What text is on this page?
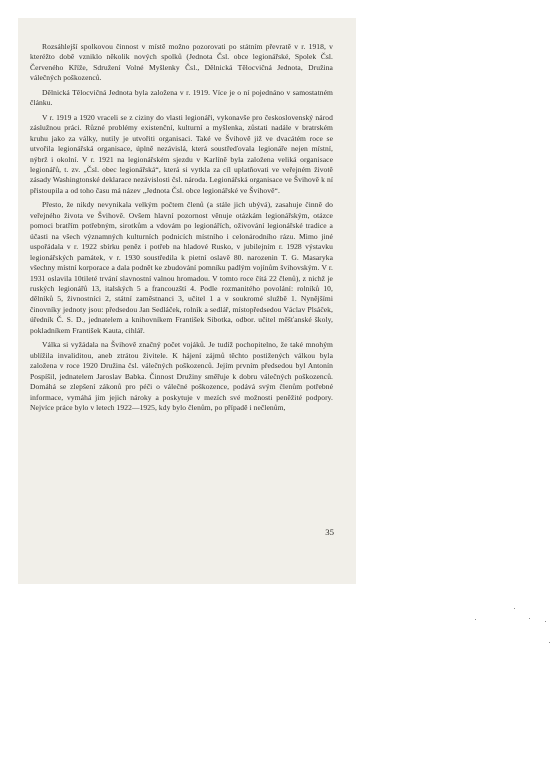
Rozsáhlejší spolkovou činnost v místě možno pozorovati po státním převratě v r. 1918, v kteréžto době vzniklo několik nových spolků (Jednota Čsl. obce legionářské, Spolek Čsl. Červeného Kříže, Sdružení Volné Myšlenky Čsl., Dělnická Tělocvičná Jednota, Družina válečných poškozenců.

Dělnická Tělocvičná Jednota byla založena v r. 1919. Více je o ní pojednáno v samostatném článku.

V r. 1919 a 1920 vraceli se z ciziny do vlasti legionáři, vykonavše pro československý národ záslužnou práci. Různé problémy existenční, kulturní a myšlenka, zůstati nadále v bratrském kruhu jako za války, nutily je utvořiti organisaci. Také ve Švihově již ve dvacátém roce se utvořila legionářská organisace, úplně nezávislá, která soustřeďovala legionáře nejen místní, nýbrž i okolní. V r. 1921 na legionářském sjezdu v Karlíně byla založena veliká organisace legionářů, t. zv. „Čsl. obec legionářská“, která si vytkla za cíl uplatňovati ve veřejném životě zásady Washingtonské deklarace nezávislosti čsl. národa. Legionářská organisace ve Švihově k ní přistoupila a od toho času má název „Jednota Čsl. obce legionářské ve Švihově“.

Přesto, že nikdy nevynikala velkým počtem členů (a stále jich ubývá), zasahuje činně do veřejného života ve Švihově. Ovšem hlavní pozornost věnuje otázkám legionářským, otázce pomoci bratřím potřebným, sirotkům a vdovám po legionářích, oživování legionářské tradice a účasti na všech významných kulturních podnicích místního i celonárodního rázu. Mimo jiné uspořádala v r. 1922 sbírku peněz i potřeb na hladové Rusko, v jubilejním r. 1928 výstavku legionářských památek, v r. 1930 soustředila k pietní oslavě 80. narozenin T. G. Masaryka všechny místní korporace a dala podnět ke zbudování pomníku padlým vojínům švihovským. V r. 1931 oslavila 10tileté trvání slavnostní valnou hromadou. V tomto roce čítá 22 členů), z nichž je ruských legionářů 13, italských 5 a francouzští 4. Podle rozmanitého povolání: rolníků 10, dělníků 5, živnostníci 2, státní zaměstnanci 3, učitel 1 a v soukromé službě 1. Nynějšími činovníky jednoty jsou: předsedou Jan Sedláček, rolník a sedlář, místopředsedou Václav Plsáček, úředník Č. S. D., jednatelem a knihovníkem František Sibotka, odbor. učitel měšťanské školy, pokladníkem František Kauta, cihlář.

Válka si vyžádala na Švihově značný počet vojáků. Je tudíž pochopitelno, že také mnohým ublížila invaliditou, aneb ztrátou živitele. K hájení zájmů těchto postižených válkou byla založena v roce 1920 Družina čsl. válečných poškozenců. Jejím prvním předsedou byl Antonín Pospíšil, jednatelem Jaroslav Babka. Činnost Družiny směřuje k dobru válečných poškozenců. Domáhá se zlepšení zákonů pro péči o válečné poškozence, podává svým členům potřebné informace, vymáhá jim jejich nároky a poskytuje v mezích své možnosti peněžité podpory. Nejvíce práce bylo v letech 1922—1925, kdy bylo členům, po případě i nečlenům,

35
